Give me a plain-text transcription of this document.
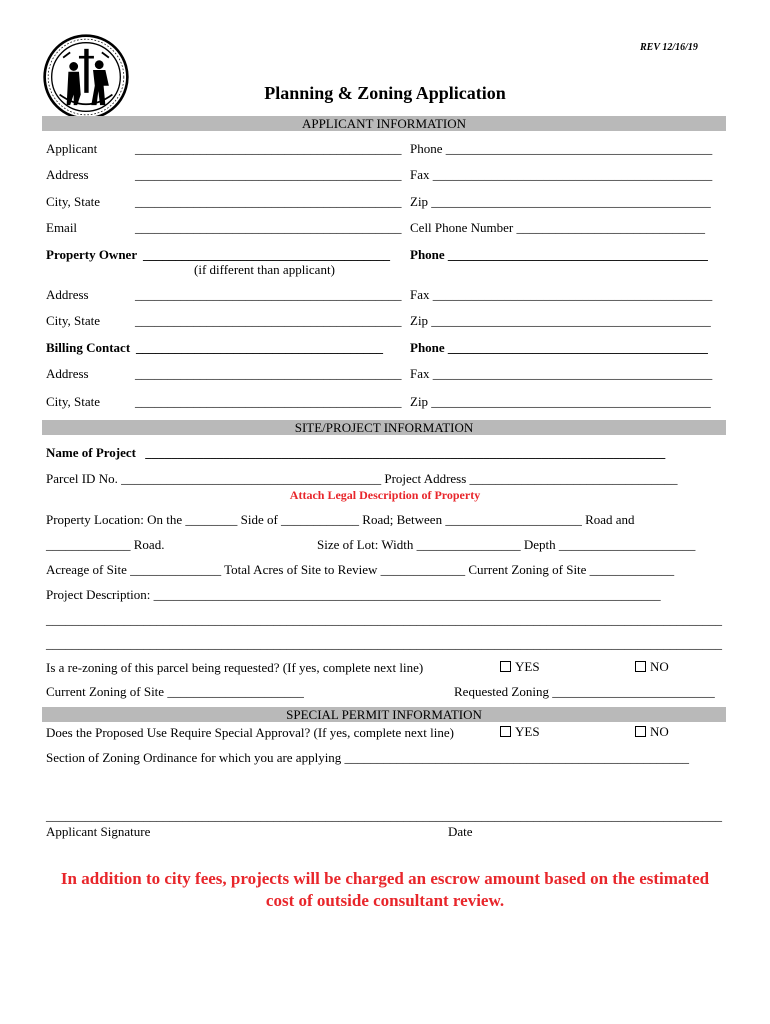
REV 12/16/19
Planning & Zoning Application
APPLICANT INFORMATION
Applicant	_________________________________________ Phone _________________________________________
Address	_________________________________________ Fax ___________________________________________
City, State	_________________________________________ Zip ___________________________________________
Email	_________________________________________ Cell Phone Number _____________________________
Property Owner ______________________________________ Phone ________________________________________
(if different than applicant)
Address	_________________________________________ Fax ___________________________________________
City, State	_________________________________________ Zip ___________________________________________
Billing Contact ______________________________________ Phone ________________________________________
Address	_________________________________________ Fax ___________________________________________
City, State	_________________________________________ Zip ___________________________________________
SITE/PROJECT INFORMATION
Name of Project ________________________________________________________________________________
Parcel ID No. ________________________________________ Project Address ________________________________
Attach Legal Description of Property
Property Location: On the ________ Side of ____________ Road; Between _____________________ Road and
_____________ Road.	Size of Lot: Width ________________ Depth _____________________
Acreage of Site ______________ Total Acres of Site to Review _____________ Current Zoning of Site _____________
Project Description: ______________________________________________________________________________
________________________________________________________________________________________________________
________________________________________________________________________________________________________
Is a re-zoning of this parcel being requested? (If yes, complete next line)	YES	NO
Current Zoning of Site _____________________	Requested Zoning _________________________
SPECIAL PERMIT INFORMATION
Does the Proposed Use Require Special Approval? (If yes, complete next line)	YES	NO
Section of Zoning Ordinance for which you are applying _____________________________________________________
________________________________________________________________________________________________________
Applicant Signature	Date
In addition to city fees, projects will be charged an escrow amount based on the estimated
cost of outside consultant review.
